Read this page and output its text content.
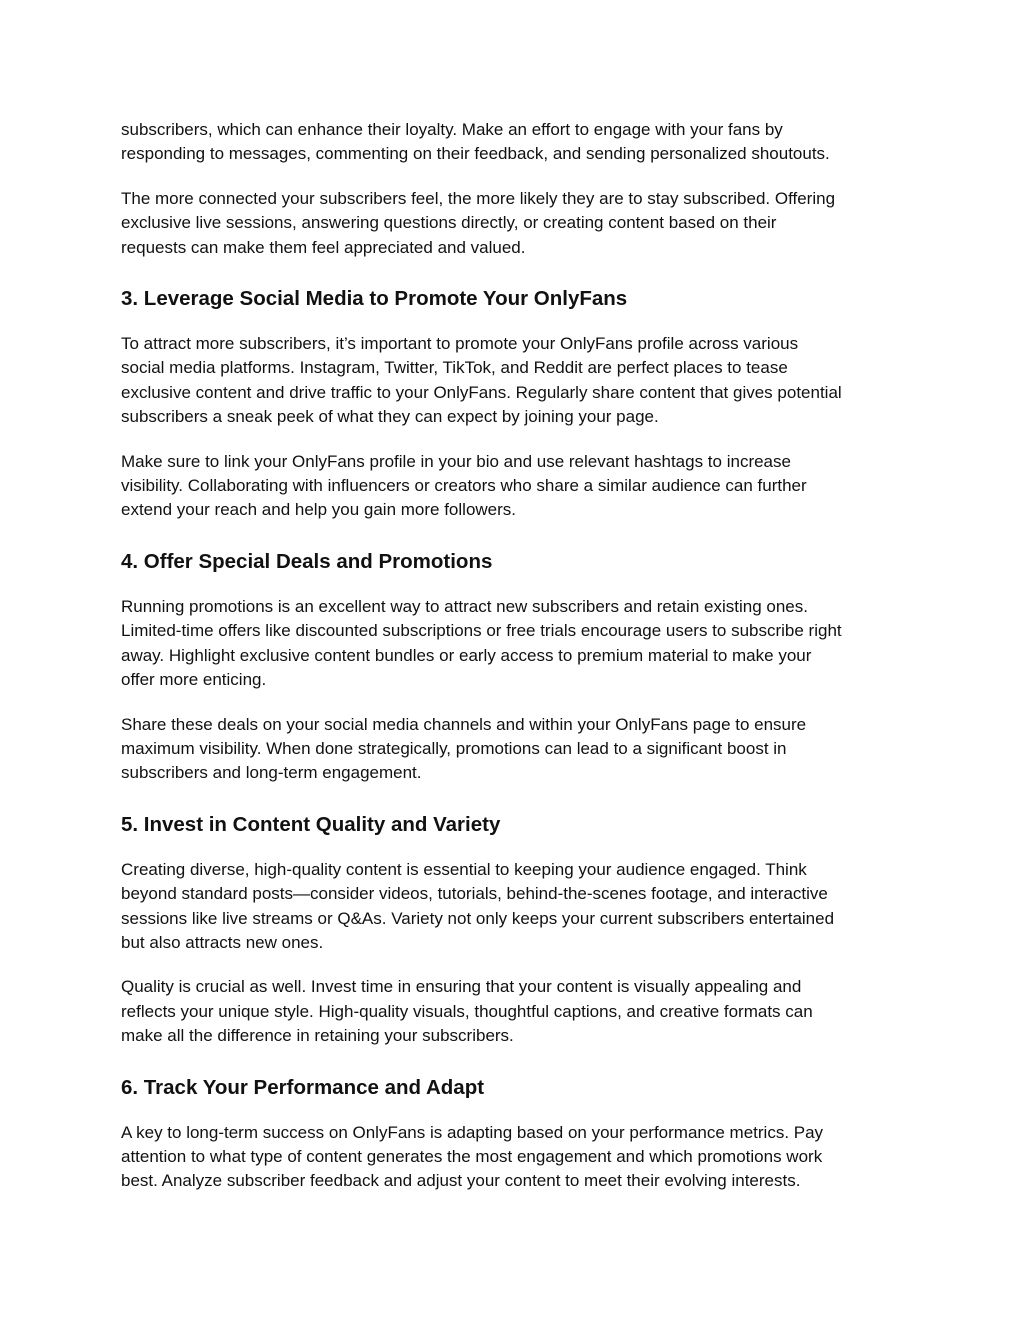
subscribers, which can enhance their loyalty. Make an effort to engage with your fans by
responding to messages, commenting on their feedback, and sending personalized shoutouts.

The more connected your subscribers feel, the more likely they are to stay subscribed. Offering
exclusive live sessions, answering questions directly, or creating content based on their
requests can make them feel appreciated and valued.

3. Leverage Social Media to Promote Your OnlyFans

To attract more subscribers, it’s important to promote your OnlyFans profile across various
social media platforms. Instagram, Twitter, TikTok, and Reddit are perfect places to tease
exclusive content and drive traffic to your OnlyFans. Regularly share content that gives potential
subscribers a sneak peek of what they can expect by joining your page.

Make sure to link your OnlyFans profile in your bio and use relevant hashtags to increase
visibility. Collaborating with influencers or creators who share a similar audience can further
extend your reach and help you gain more followers.

4. Offer Special Deals and Promotions

Running promotions is an excellent way to attract new subscribers and retain existing ones.
Limited-time offers like discounted subscriptions or free trials encourage users to subscribe right
away. Highlight exclusive content bundles or early access to premium material to make your
offer more enticing.

Share these deals on your social media channels and within your OnlyFans page to ensure
maximum visibility. When done strategically, promotions can lead to a significant boost in
subscribers and long-term engagement.

5. Invest in Content Quality and Variety

Creating diverse, high-quality content is essential to keeping your audience engaged. Think
beyond standard posts—consider videos, tutorials, behind-the-scenes footage, and interactive
sessions like live streams or Q&As. Variety not only keeps your current subscribers entertained
but also attracts new ones.

Quality is crucial as well. Invest time in ensuring that your content is visually appealing and
reflects your unique style. High-quality visuals, thoughtful captions, and creative formats can
make all the difference in retaining your subscribers.

6. Track Your Performance and Adapt

A key to long-term success on OnlyFans is adapting based on your performance metrics. Pay
attention to what type of content generates the most engagement and which promotions work
best. Analyze subscriber feedback and adjust your content to meet their evolving interests.
